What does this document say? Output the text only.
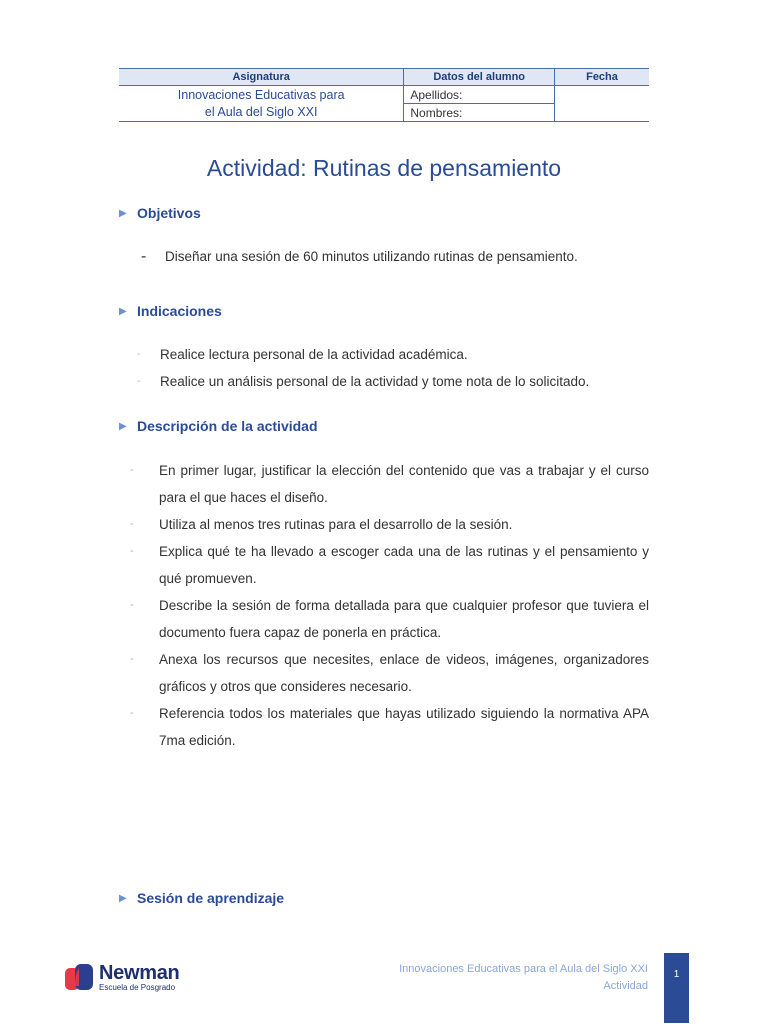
Asignatura	Datos del alumno	Fecha

Innovaciones Educativas para
el Aula del Siglo XXI	Apellidos:	
	Nombres:	
Actividad: Rutinas de pensamiento
▶ Objetivos
- Diseñar una sesión de 60 minutos utilizando rutinas de pensamiento.
▶ Indicaciones
- Realice lectura personal de la actividad académica.
- Realice un análisis personal de la actividad y tome nota de lo solicitado.
▶ Descripción de la actividad
- En primer lugar, justificar la elección del contenido que vas a trabajar y el curso para el que haces el diseño.
- Utiliza al menos tres rutinas para el desarrollo de la sesión.
- Explica qué te ha llevado a escoger cada una de las rutinas y el pensamiento y qué promueven.
- Describe la sesión de forma detallada para que cualquier profesor que tuviera el documento fuera capaz de ponerla en práctica.
- Anexa los recursos que necesites, enlace de videos, imágenes, organizadores gráficos y otros que consideres necesario.
- Referencia todos los materiales que hayas utilizado siguiendo la normativa APA 7ma edición.
▶ Sesión de aprendizaje
Newman
Escuela de Posgrado
Innovaciones Educativas para el Aula del Siglo XXI
Actividad
1
